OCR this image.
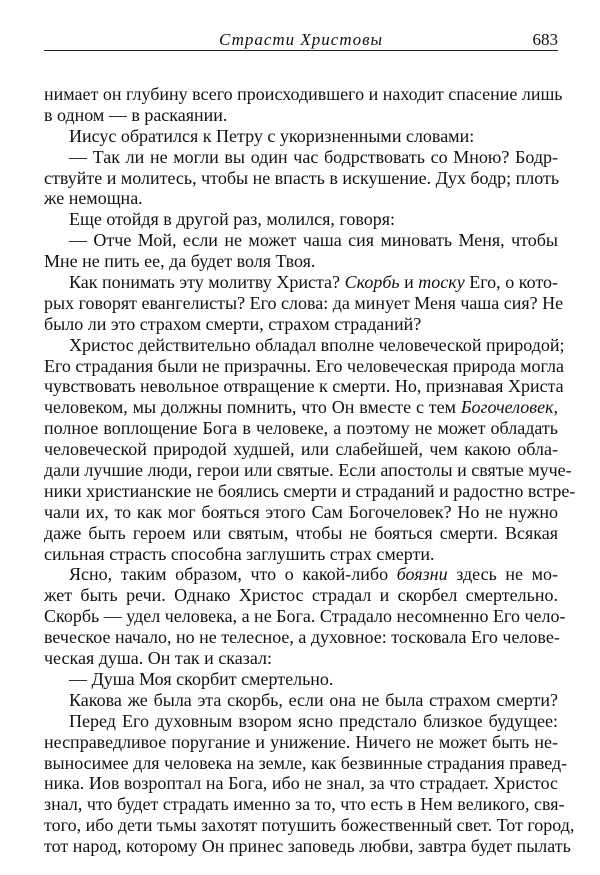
Страсти Христовы	683
нимает он глубину всего происходившего и находит спасение лишь
в одном — в раскаянии.
Иисус обратился к Петру с укоризненными словами:
— Так ли не могли вы один час бодрствовать со Мною? Бодр-
ствуйте и молитесь, чтобы не впасть в искушение. Дух бодр; плоть
же немощна.
Еще отойдя в другой раз, молился, говоря:
— Отче Мой, если не может чаша сия миновать Меня, чтобы
Мне не пить ее, да будет воля Твоя.
Как понимать эту молитву Христа? Скорбь и тоску Его, о кото-
рых говорят евангелисты? Его слова: да минует Меня чаша сия? Не
было ли это страхом смерти, страхом страданий?
Христос действительно обладал вполне человеческой природой;
Его страдания были не призрачны. Его человеческая природа могла
чувствовать невольное отвращение к смерти. Но, признавая Христа
человеком, мы должны помнить, что Он вместе с тем Богочеловек,
полное воплощение Бога в человеке, а поэтому не может обладать
человеческой природой худшей, или слабейшей, чем какою обла-
дали лучшие люди, герои или святые. Если апостолы и святые муче-
ники христианские не боялись смерти и страданий и радостно встре-
чали их, то как мог бояться этого Сам Богочеловек? Но не нужно
даже быть героем или святым, чтобы не бояться смерти. Всякая
сильная страсть способна заглушить страх смерти.
Ясно, таким образом, что о какой-либо боязни здесь не мо-
жет быть речи. Однако Христос страдал и скорбел смертельно.
Скорбь — удел человека, а не Бога. Страдало несомненно Его чело-
веческое начало, но не телесное, а духовное: тосковала Его челове-
ческая душа. Он так и сказал:
— Душа Моя скорбит смертельно.
Какова же была эта скорбь, если она не была страхом смерти?
Перед Его духовным взором ясно предстало близкое будущее:
несправедливое поругание и унижение. Ничего не может быть не-
выносимее для человека на земле, как безвинные страдания правед-
ника. Иов возроптал на Бога, ибо не знал, за что страдает. Христос
знал, что будет страдать именно за то, что есть в Нем великого, свя-
того, ибо дети тьмы захотят потушить божественный свет. Тот город,
тот народ, которому Он принес заповедь любви, завтра будет пылать
